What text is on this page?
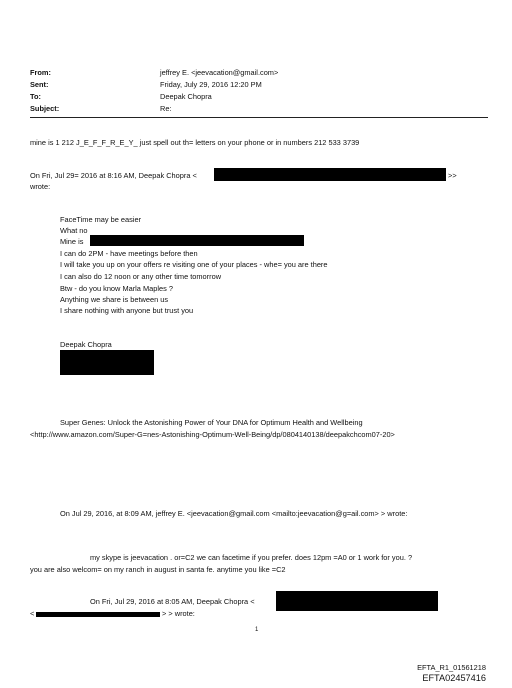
From:	jeffrey E. <jeevacation@gmail.com>
Sent:	Friday, July 29, 2016 12:20 PM
To:	Deepak Chopra
Subject:	Re:
mine is 1 212 J_E_F_F_R_E_Y_ just spell out th= letters on your phone or in numbers 212 533 3739
On Fri, Jul 29= 2016 at 8:16 AM, Deepak Chopra <	>>
wrote:
FaceTime may be easier
What no
Mine is
I can do 2PM - have meetings before then
I will take you up on your offers re visiting one of your places - whe= you are there
I can also do 12 noon or any other time tomorrow
Btw - do you know Marla Maples ?
Anything we share is between us
I share nothing with anyone but trust you
Deepak Chopra
Super Genes: Unlock the Astonishing Power of Your DNA for Optimum Health and Wellbeing
<http://www.amazon.com/Super-G=nes-Astonishing-Optimum-Well-Being/dp/0804140138/deepakchcom07-20>
On Jul 29, 2016, at 8:09 AM, jeffrey E. <jeevacation@gmail.com <mailto:jeevacation@g=ail.com> > wrote:
my skype is jeevacation . or=C2 we can facetime if you prefer. does 12pm =A0 or 1 work for you. ?
you are also welcom= on my ranch in august in santa fe. anytime you like =C2
On Fri, Jul 29, 2016 at 8:05 AM, Deepak Chopra <
<	> > wrote:
1
EFTA_R1_01561218
EFTA02457416
